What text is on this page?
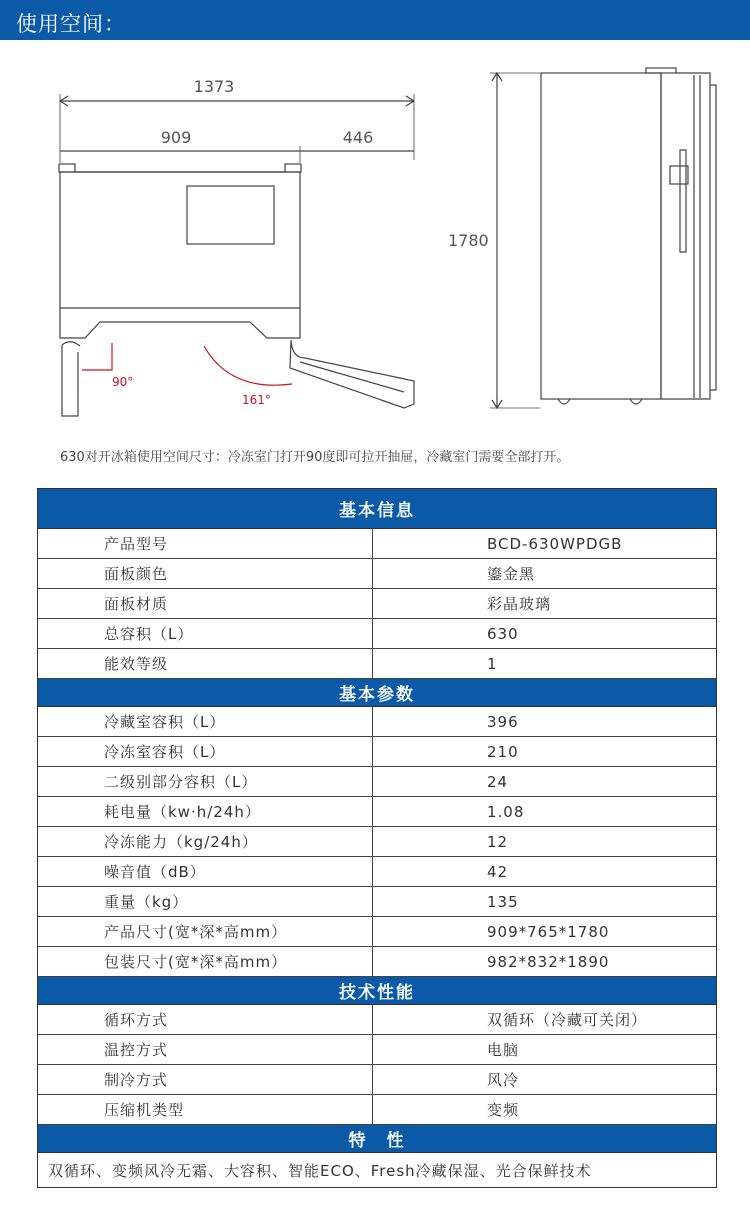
使用空间：
1373
909	446
90°
161°
1780
630对开冰箱使用空间尺寸：冷冻室门打开90度即可拉开抽屉，冷藏室门需要全部打开。
基本信息
产品型号	BCD-630WPDGB
面板颜色	鎏金黑
面板材质	彩晶玻璃
总容积（L）	630
能效等级	1
基本参数
冷藏室容积（L）	396
冷冻室容积（L）	210
二级别部分容积（L）	24
耗电量（kw·h/24h）	1.08
冷冻能力（kg/24h）	12
噪音值（dB）	42
重量（kg）	135
产品尺寸(宽*深*高mm）	909*765*1780
包装尺寸(宽*深*高mm）	982*832*1890
技术性能
循环方式	双循环（冷藏可关闭）
温控方式	电脑
制冷方式	风冷
压缩机类型	变频
特　性
双循环、变频风冷无霜、大容积、智能ECO、Fresh冷藏保湿、光合保鲜技术
